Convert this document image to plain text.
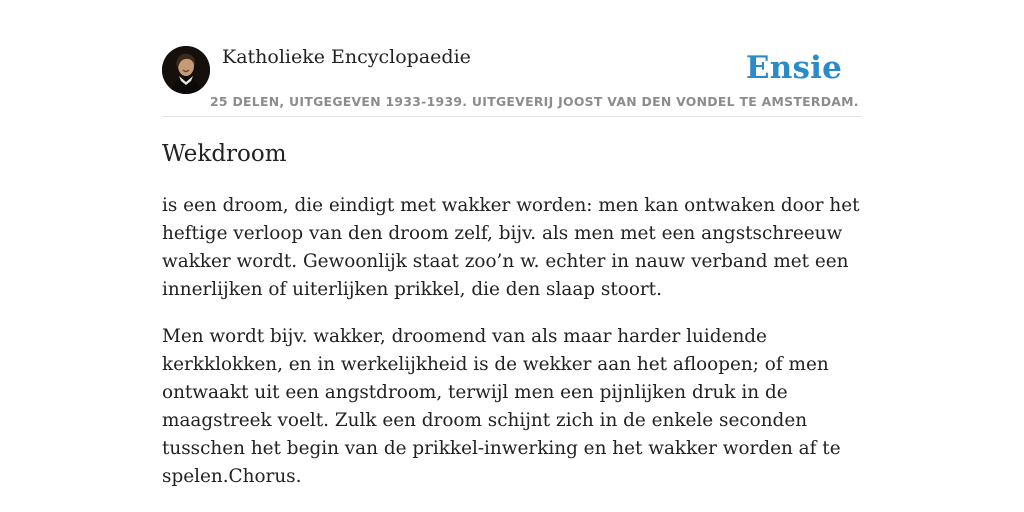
Katholieke Encyclopaedie	Ensie
25 DELEN, UITGEGEVEN 1933-1939. UITGEVERIJ JOOST VAN DEN VONDEL TE AMSTERDAM.
Wekdroom

is een droom, die eindigt met wakker worden: men kan ontwaken door het heftige verloop van den droom zelf, bijv. als men met een angstschreeuw wakker wordt. Gewoonlijk staat zoo’n w. echter in nauw verband met een innerlijken of uiterlijken prikkel, die den slaap stoort.

Men wordt bijv. wakker, droomend van als maar harder luidende kerkklokken, en in werkelijkheid is de wekker aan het afloopen; of men ontwaakt uit een angstdroom, terwijl men een pijnlijken druk in de maagstreek voelt. Zulk een droom schijnt zich in de enkele seconden tusschen het begin van de prikkel-inwerking en het wakker worden af te spelen.Chorus.
